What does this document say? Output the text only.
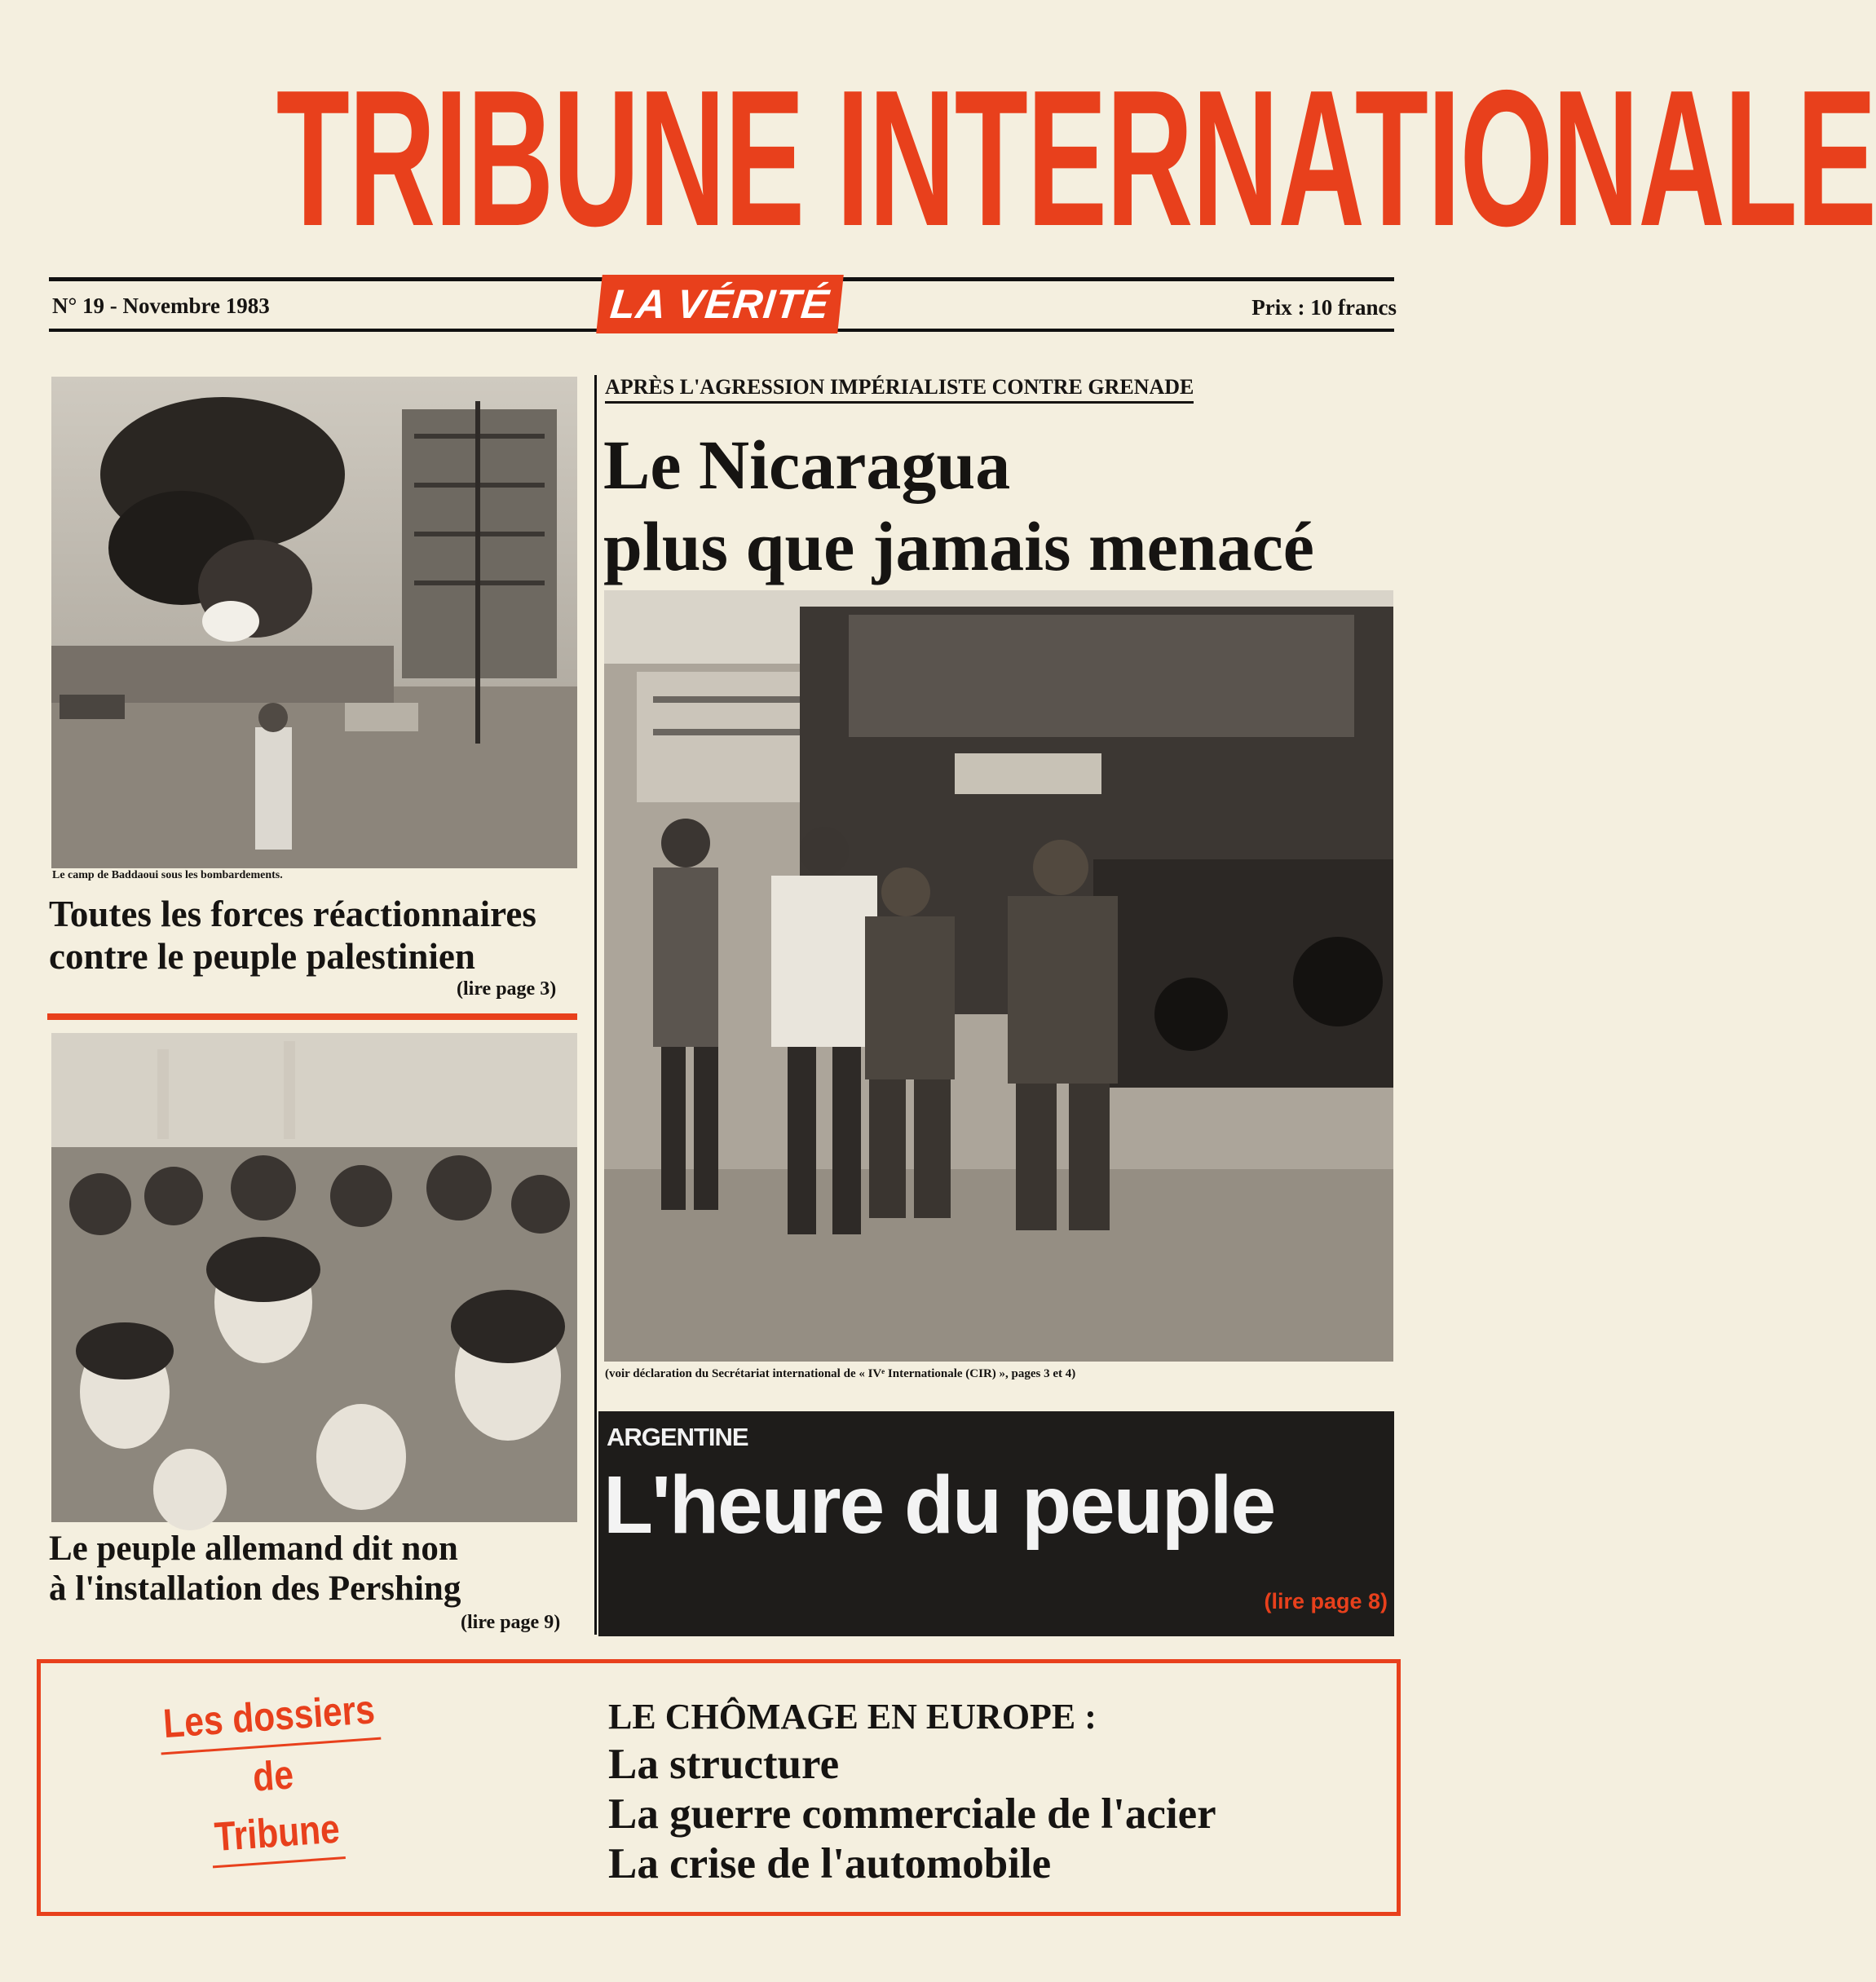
TRIBUNE INTERNATIONALE
N° 19 - Novembre 1983	Prix : 10 francs
LA VÉRITÉ
Le camp de Baddaoui sous les bombardements.
Toutes les forces réactionnaires
contre le peuple palestinien
(lire page 3)
Le peuple allemand dit non
à l'installation des Pershing
(lire page 9)
APRÈS L'AGRESSION IMPÉRIALISTE CONTRE GRENADE
Le Nicaragua
plus que jamais menacé
(voir déclaration du Secrétariat international de « IVᵉ Internationale (CIR) », pages 3 et 4)
ARGENTINE
L'heure du peuple
(lire page 8)
Les dossiers
de
Tribune
LE CHÔMAGE EN EUROPE :
La structure
La guerre commerciale de l'acier
La crise de l'automobile
